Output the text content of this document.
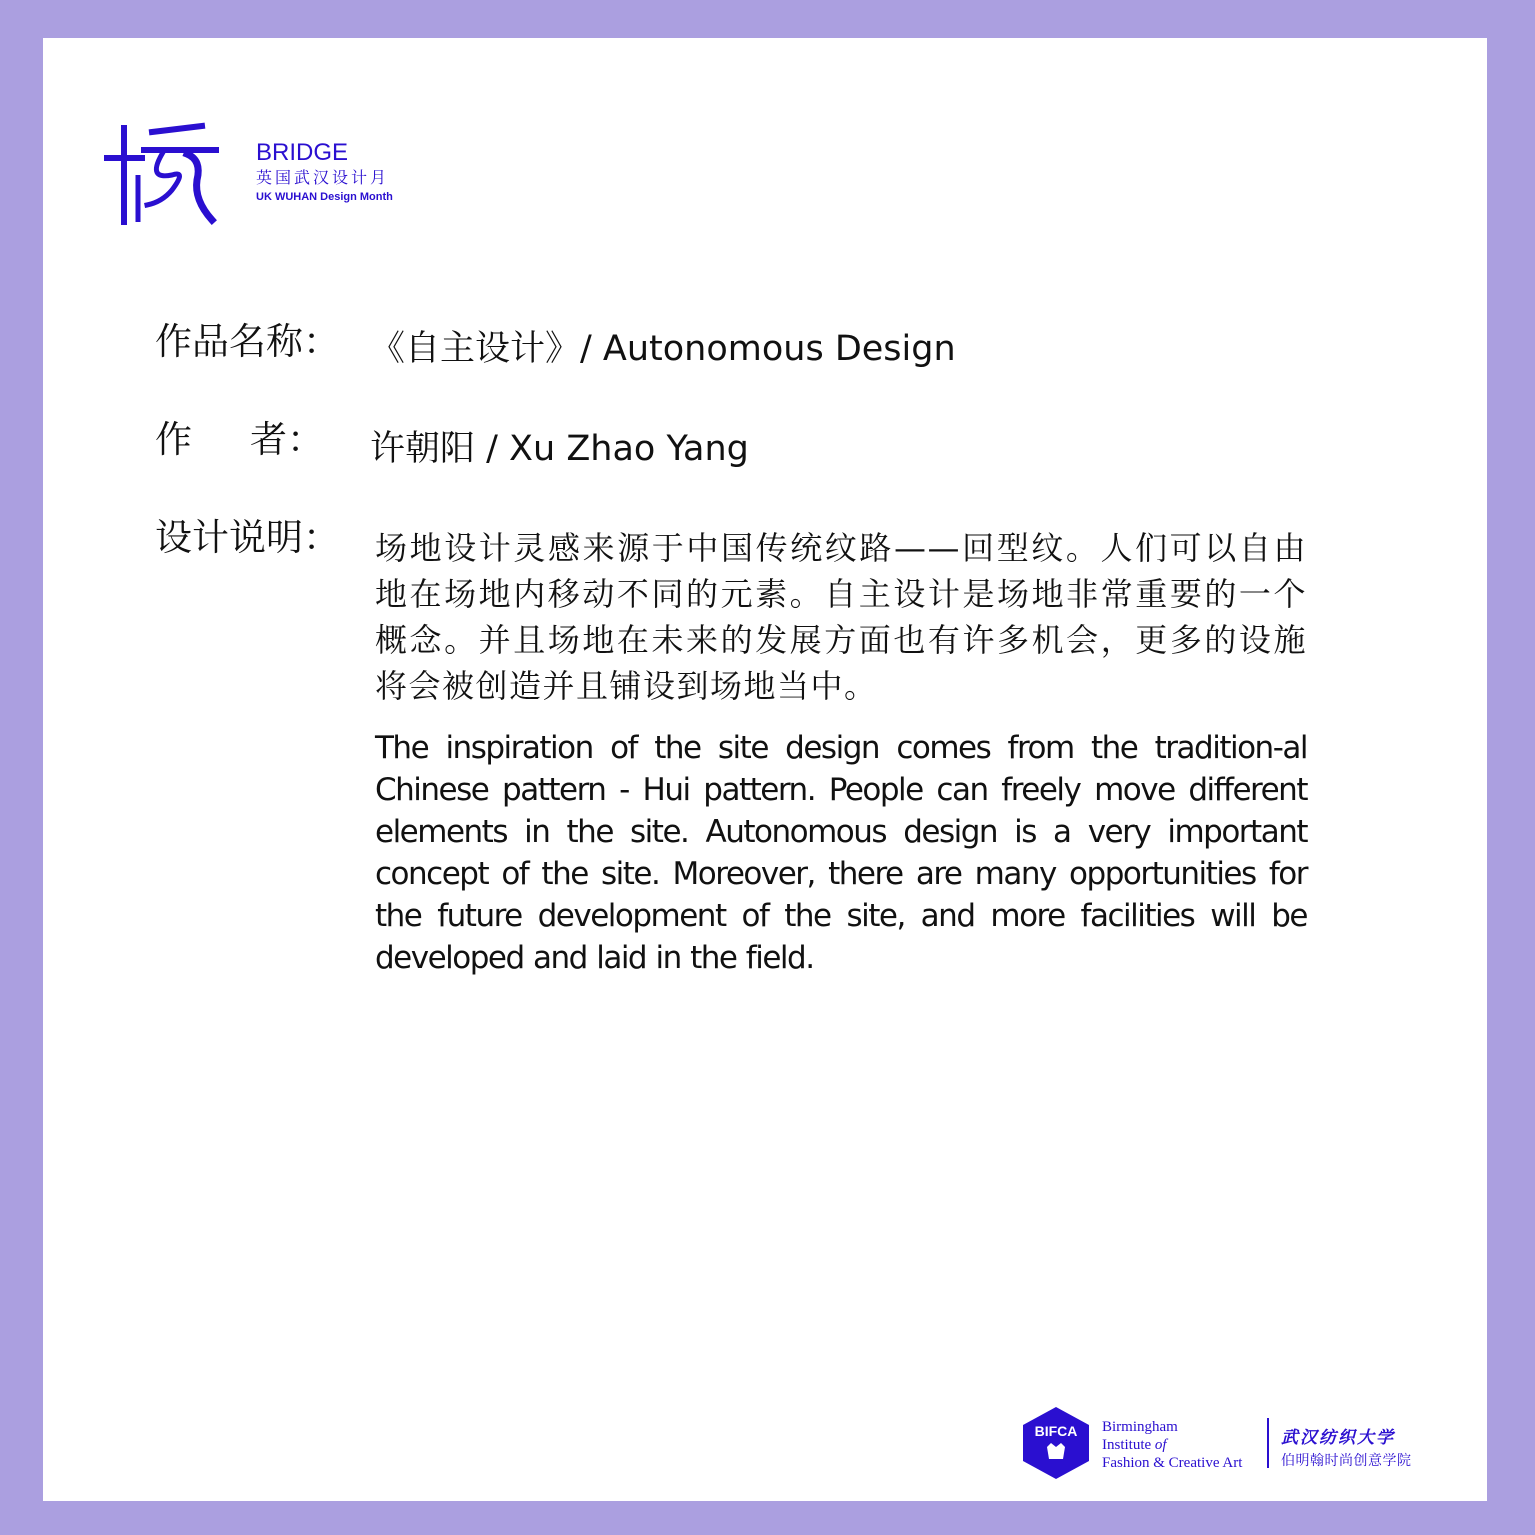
BRIDGE
英国武汉设计月
UK WUHAN Design Month
作品名称： 《自主设计》/ Autonomous Design
作 者： 许朝阳 / Xu Zhao Yang
设计说明： 场地设计灵感来源于中国传统纹路——回型纹。人们可以自由地在场地内移动不同的元素。自主设计是场地非常重要的一个概念。并且场地在未来的发展方面也有许多机会，更多的设施将会被创造并且铺设到场地当中。
The inspiration of the site design comes from the tradition-al Chinese pattern - Hui pattern. People can freely move different elements in the site. Autonomous design is a very important concept of the site. Moreover, there are many opportunities for the future development of the site, and more facilities will be developed and laid in the field.
BIFCA Birmingham
Institute of
Fashion & Creative Art
武汉纺织大学
伯明翰时尚创意学院
